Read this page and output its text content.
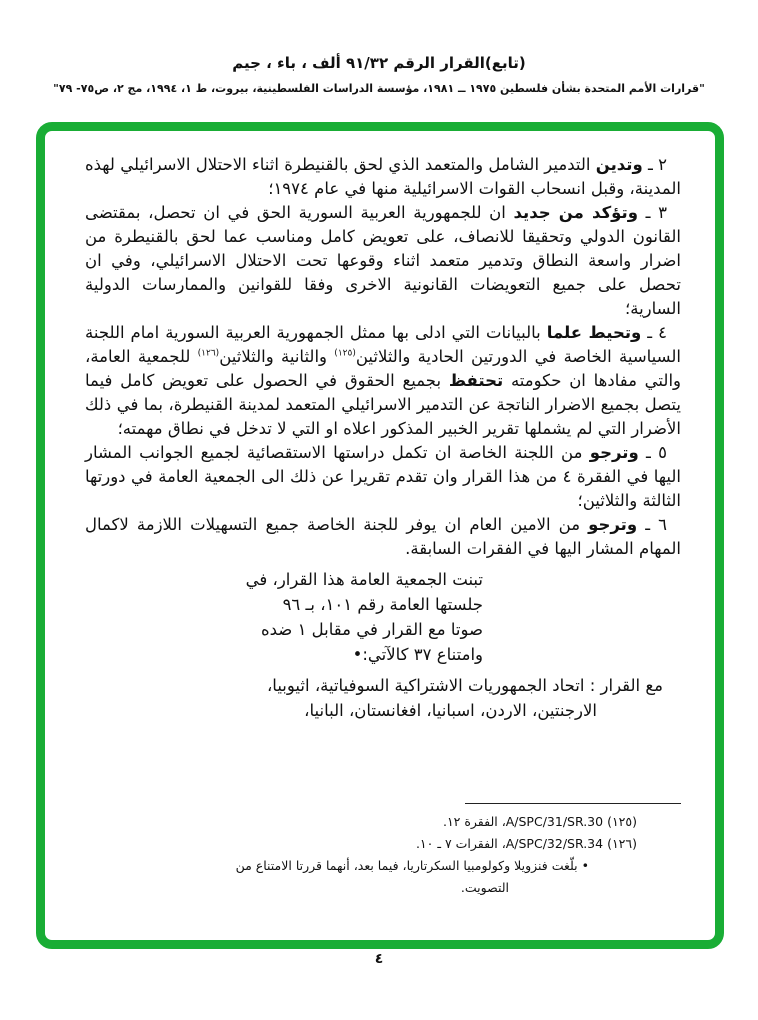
(تابع)القرار الرقم ٩١/٣٢ ألف ، باء ، جيم
"قرارات الأمم المتحدة بشأن فلسطين ١٩٧٥ ــ ١٩٨١، مؤسسة الدراسات الفلسطينية، بيروت، ط ١، ١٩٩٤، مج ٢، ص٧٥- ٧٩"

٢ ـ وتدين التدمير الشامل والمتعمد الذي لحق بالقنيطرة اثناء الاحتلال الاسرائيلي لهذه المدينة، وقبل انسحاب القوات الاسرائيلية منها في عام ١٩٧٤؛

٣ ـ وتؤكد من جديد ان للجمهورية العربية السورية الحق في ان تحصل، بمقتضى القانون الدولي وتحقيقا للانصاف، على تعويض كامل ومناسب عما لحق بالقنيطرة من اضرار واسعة النطاق وتدمير متعمد اثناء وقوعها تحت الاحتلال الاسرائيلي، وفي ان تحصل على جميع التعويضات القانونية الاخرى وفقا للقوانين والممارسات الدولية السارية؛

٤ ـ وتحيط علما بالبيانات التي ادلى بها ممثل الجمهورية العربية السورية امام اللجنة السياسية الخاصة في الدورتين الحادية والثلاثين$^{(١٢٥)}$ والثانية والثلاثين$^{(١٢٦)}$ للجمعية العامة، والتي مفادها ان حكومته تحتفظ بجميع الحقوق في الحصول على تعويض كامل فيما يتصل بجميع الاضرار الناتجة عن التدمير الاسرائيلي المتعمد لمدينة القنيطرة، بما في ذلك الأضرار التي لم يشملها تقرير الخبير المذكور اعلاه او التي لا تدخل في نطاق مهمته؛

٥ ـ وترجو من اللجنة الخاصة ان تكمل دراستها الاستقصائية لجميع الجوانب المشار اليها في الفقرة ٤ من هذا القرار وان تقدم تقريرا عن ذلك الى الجمعية العامة في دورتها الثالثة والثلاثين؛

٦ ـ وترجو من الامين العام ان يوفر للجنة الخاصة جميع التسهيلات اللازمة لاكمال المهام المشار اليها في الفقرات السابقة.

تبنت الجمعية العامة هذا القرار، في
جلستها العامة رقم ١٠١، بـ ٩٦
صوتا مع القرار في مقابل ١ ضده
وامتناع ٣٧ كالآتي:•
مع القرار : اتحاد الجمهوريات الاشتراكية السوفياتية، اثيوبيا،
الارجنتين، الاردن، اسبانيا، افغانستان، البانيا،
(١٢٥) A/SPC/31/SR.30، الفقرة ١٢.
(١٢٦) A/SPC/32/SR.34، الفقرات ٧ ـ ١٠.
• بلّغت فنزويلا وكولومبيا السكرتاريا، فيما بعد، أنهما قررتا الامتناع من
التصويت.
٤
